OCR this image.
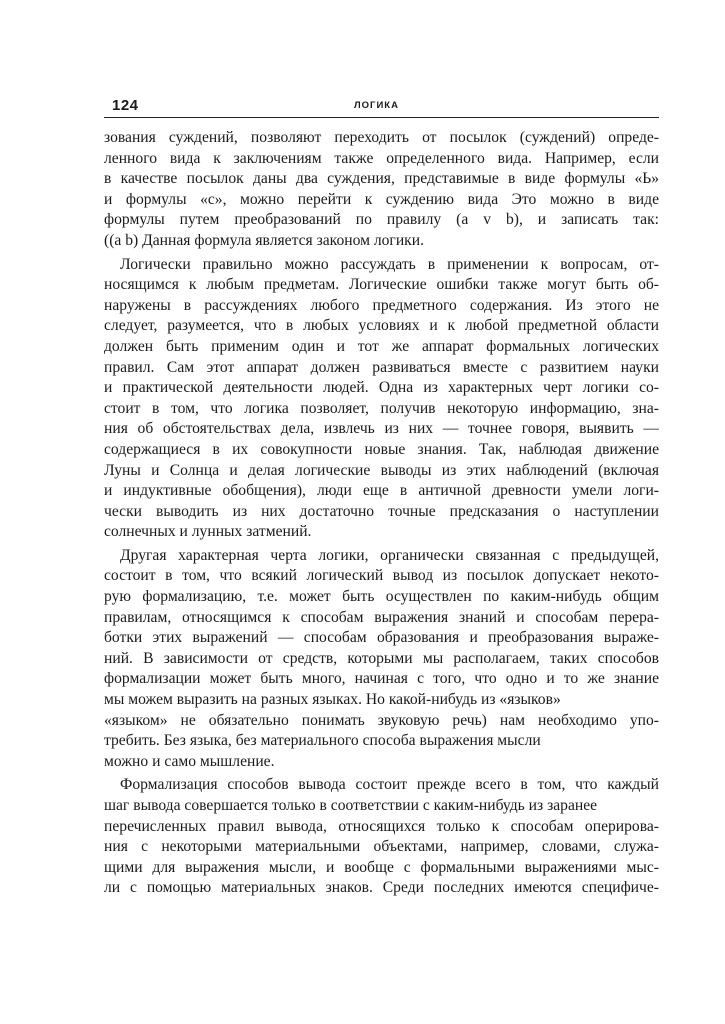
124	ЛОГИКА
зования суждений, позволяют переходить от посылок (суждений) опреде-
ленного вида к заключениям также определенного вида. Например, если
в качестве посылок даны два суждения, представимые в виде формулы «Ь»
и формулы «с», можно перейти к суждению вида Это можно в виде
формулы путем преобразований по правилу (a v b), и записать так:
((a b) Данная формула является законом логики.
Логически правильно можно рассуждать в применении к вопросам, от-
носящимся к любым предметам. Логические ошибки также могут быть об-
наружены в рассуждениях любого предметного содержания. Из этого не
следует, разумеется, что в любых условиях и к любой предметной области
должен быть применим один и тот же аппарат формальных логических
правил. Сам этот аппарат должен развиваться вместе с развитием науки
и практической деятельности людей. Одна из характерных черт логики со-
стоит в том, что логика позволяет, получив некоторую информацию, зна-
ния об обстоятельствах дела, извлечь из них — точнее говоря, выявить —
содержащиеся в их совокупности новые знания. Так, наблюдая движение
Луны и Солнца и делая логические выводы из этих наблюдений (включая
и индуктивные обобщения), люди еще в античной древности умели логи-
чески выводить из них достаточно точные предсказания о наступлении
солнечных и лунных затмений.
Другая характерная черта логики, органически связанная с предыдущей,
состоит в том, что всякий логический вывод из посылок допускает некото-
рую формализацию, т.е. может быть осуществлен по каким-нибудь общим
правилам, относящимся к способам выражения знаний и способам перера-
ботки этих выражений — способам образования и преобразования выраже-
ний. В зависимости от средств, которыми мы располагаем, таких способов
формализации может быть много, начиная с того, что одно и то же знание
мы можем выразить на разных языках. Но какой-нибудь из «языков»
«языком» не обязательно понимать звуковую речь) нам необходимо упо-
требить. Без языка, без материального способа выражения мысли
можно и само мышление.
Формализация способов вывода состоит прежде всего в том, что каждый
шаг вывода совершается только в соответствии с каким-нибудь из заранее
перечисленных правил вывода, относящихся только к способам оперирова-
ния с некоторыми материальными объектами, например, словами, служа-
щими для выражения мысли, и вообще с формальными выражениями мыс-
ли с помощью материальных знаков. Среди последних имеются специфиче-
